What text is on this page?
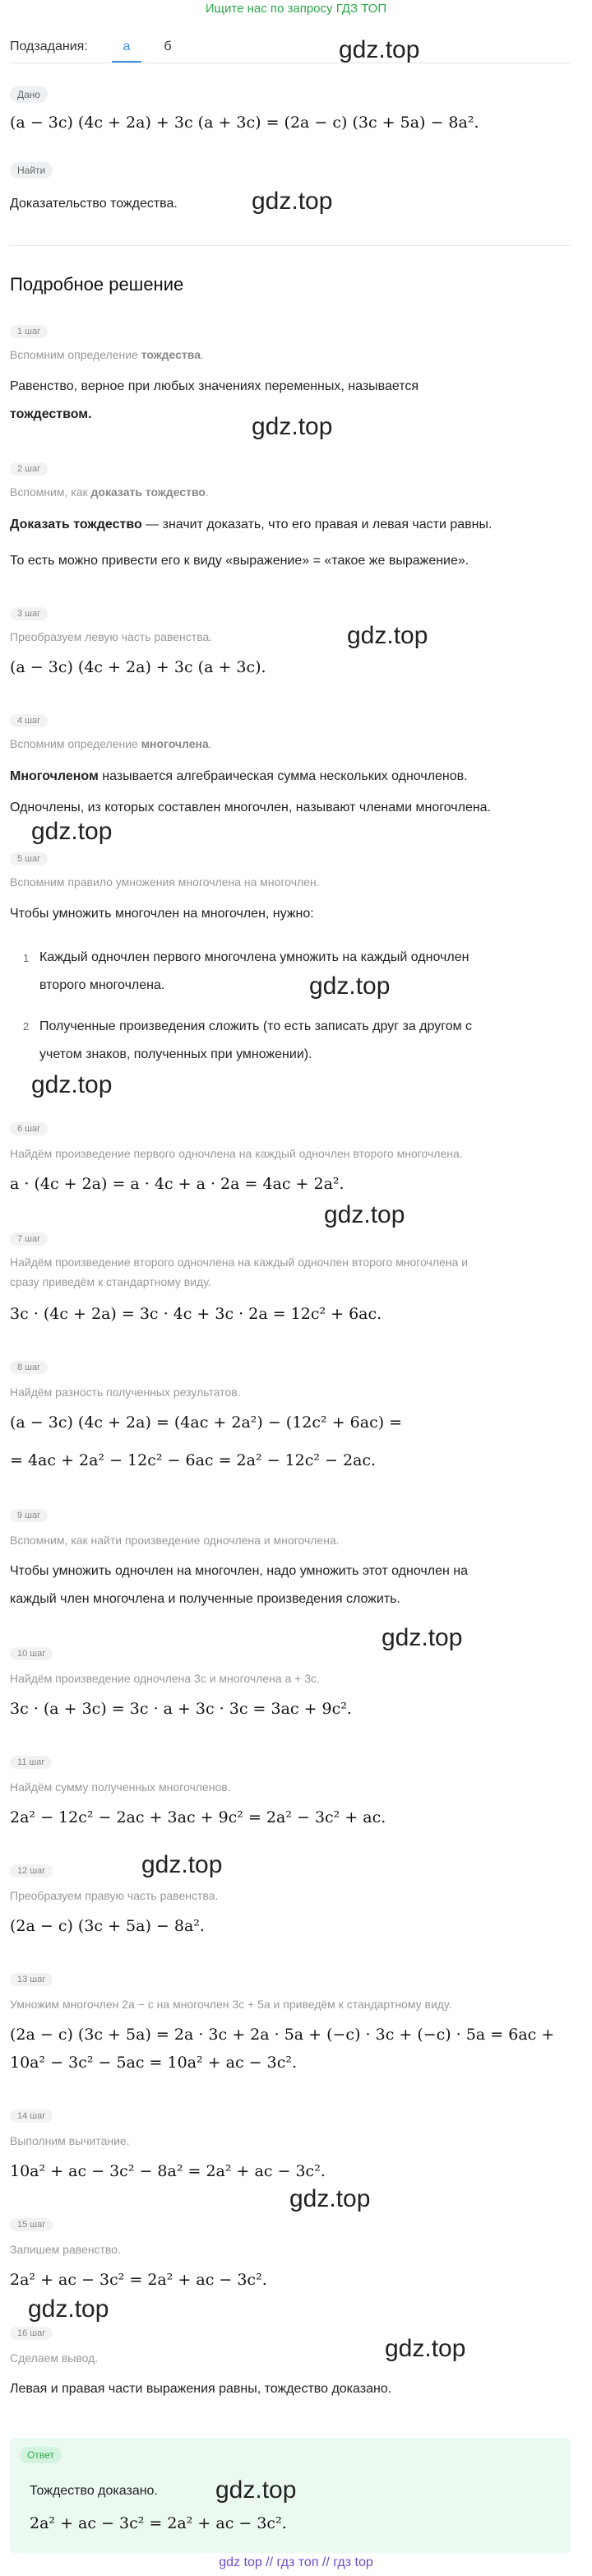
Ищите нас по запросу ГДЗ ТОП
Подзадания:	а	б
Дано
(a − 3c) (4c + 2a) + 3c (a + 3c) = (2a − c) (3c + 5a) − 8a².
Найти
Доказательство тождества.
Подробное решение
1 шаг
Вспомним определение тождества.
Равенство, верное при любых значениях переменных, называется
тождеством.
2 шаг
Вспомним, как доказать тождество.
Доказать тождество — значит доказать, что его правая и левая части равны.
То есть можно привести его к виду «выражение» = «такое же выражение».
3 шаг
Преобразуем левую часть равенства.
(a − 3c) (4c + 2a) + 3c (a + 3c).
4 шаг
Вспомним определение многочлена.
Многочленом называется алгебраическая сумма нескольких одночленов.
Одночлены, из которых составлен многочлен, называют членами многочлена.
5 шаг
Вспомним правило умножения многочлена на многочлен.
Чтобы умножить многочлен на многочлен, нужно:
1 Каждый одночлен первого многочлена умножить на каждый одночлен
второго многочлена.
2 Полученные произведения сложить (то есть записать друг за другом с
учетом знаков, полученных при умножении).
6 шаг
Найдём произведение первого одночлена на каждый одночлен второго многочлена.
a · (4c + 2a) = a · 4c + a · 2a = 4ac + 2a².
7 шаг
Найдём произведение второго одночлена на каждый одночлен второго многочлена и
сразу приведём к стандартному виду.
3c · (4c + 2a) = 3c · 4c + 3c · 2a = 12c² + 6ac.
8 шаг
Найдём разность полученных результатов.
(a − 3c) (4c + 2a) = (4ac + 2a²) − (12c² + 6ac) =
= 4ac + 2a² − 12c² − 6ac = 2a² − 12c² − 2ac.
9 шаг
Вспомним, как найти произведение одночлена и многочлена.
Чтобы умножить одночлен на многочлен, надо умножить этот одночлен на
каждый член многочлена и полученные произведения сложить.
10 шаг
Найдём произведение одночлена 3c и многочлена a + 3c.
3c · (a + 3c) = 3c · a + 3c · 3c = 3ac + 9c².
11 шаг
Найдём сумму полученных многочленов.
2a² − 12c² − 2ac + 3ac + 9c² = 2a² − 3c² + ac.
12 шаг
Преобразуем правую часть равенства.
(2a − c) (3c + 5a) − 8a².
13 шаг
Умножим многочлен 2a − c на многочлен 3c + 5a и приведём к стандартному виду.
(2a − c) (3c + 5a) = 2a · 3c + 2a · 5a + (−c) · 3c + (−c) · 5a = 6ac +
10a² − 3c² − 5ac = 10a² + ac − 3c².
14 шаг
Выполним вычитание.
10a² + ac − 3c² − 8a² = 2a² + ac − 3c².
15 шаг
Запишем равенство.
2a² + ac − 3c² = 2a² + ac − 3c².
16 шаг
Сделаем вывод.
Левая и правая части выражения равны, тождество доказано.
Ответ
Тождество доказано.
2a² + ac − 3c² = 2a² + ac − 3c².
gdz.top
gdz.top
gdz.top
gdz.top
gdz.top
gdz.top
gdz.top
gdz.top
gdz.top
gdz.top
gdz.top
gdz.top
gdz.top
gdz.top
gdz top // гдз топ // гдз top
